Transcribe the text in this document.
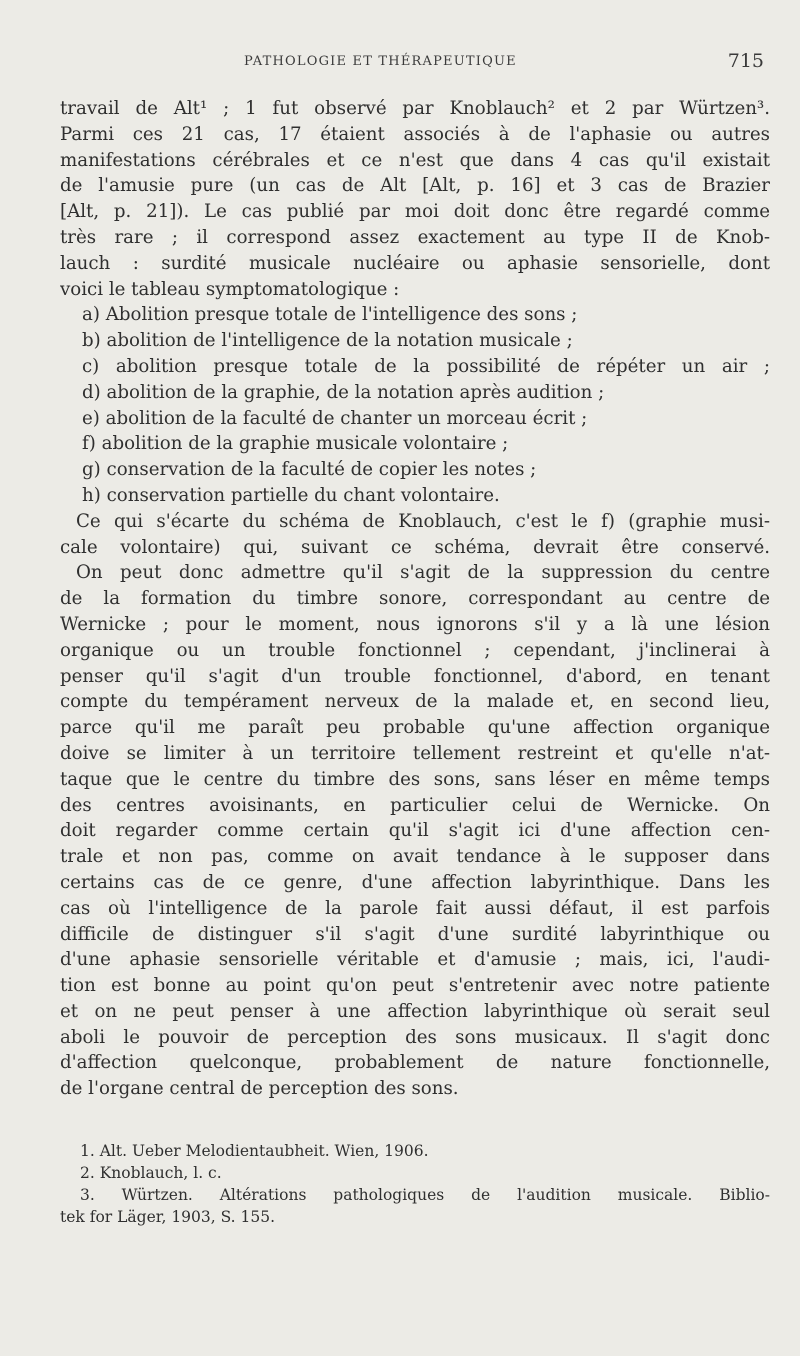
PATHOLOGIE ET THÉRAPEUTIQUE	715
travail de Alt¹ ; 1 fut observé par Knoblauch² et 2 par Würtzen³.
Parmi ces 21 cas, 17 étaient associés à de l'aphasie ou autres
manifestations cérébrales et ce n'est que dans 4 cas qu'il existait
de l'amusie pure (un cas de Alt [Alt, p. 16] et 3 cas de Brazier
[Alt, p. 21]). Le cas publié par moi doit donc être regardé comme
très rare ; il correspond assez exactement au type II de Knob-
lauch : surdité musicale nucléaire ou aphasie sensorielle, dont
voici le tableau symptomatologique :
a) Abolition presque totale de l'intelligence des sons ;
b) abolition de l'intelligence de la notation musicale ;
c) abolition presque totale de la possibilité de répéter un air ;
d) abolition de la graphie, de la notation après audition ;
e) abolition de la faculté de chanter un morceau écrit ;
f) abolition de la graphie musicale volontaire ;
g) conservation de la faculté de copier les notes ;
h) conservation partielle du chant volontaire.
Ce qui s'écarte du schéma de Knoblauch, c'est le f) (graphie musi-
cale volontaire) qui, suivant ce schéma, devrait être conservé.
On peut donc admettre qu'il s'agit de la suppression du centre
de la formation du timbre sonore, correspondant au centre de
Wernicke ; pour le moment, nous ignorons s'il y a là une lésion
organique ou un trouble fonctionnel ; cependant, j'inclinerai à
penser qu'il s'agit d'un trouble fonctionnel, d'abord, en tenant
compte du tempérament nerveux de la malade et, en second lieu,
parce qu'il me paraît peu probable qu'une affection organique
doive se limiter à un territoire tellement restreint et qu'elle n'at-
taque que le centre du timbre des sons, sans léser en même temps
des centres avoisinants, en particulier celui de Wernicke. On
doit regarder comme certain qu'il s'agit ici d'une affection cen-
trale et non pas, comme on avait tendance à le supposer dans
certains cas de ce genre, d'une affection labyrinthique. Dans les
cas où l'intelligence de la parole fait aussi défaut, il est parfois
difficile de distinguer s'il s'agit d'une surdité labyrinthique ou
d'une aphasie sensorielle véritable et d'amusie ; mais, ici, l'audi-
tion est bonne au point qu'on peut s'entretenir avec notre patiente
et on ne peut penser à une affection labyrinthique où serait seul
aboli le pouvoir de perception des sons musicaux. Il s'agit donc
d'affection quelconque, probablement de nature fonctionnelle,
de l'organe central de perception des sons.
1. Alt. Ueber Melodientaubheit. Wien, 1906.
2. Knoblauch, l. c.
3. Würtzen. Altérations pathologiques de l'audition musicale. Biblio-
tek for Läger, 1903, S. 155.
